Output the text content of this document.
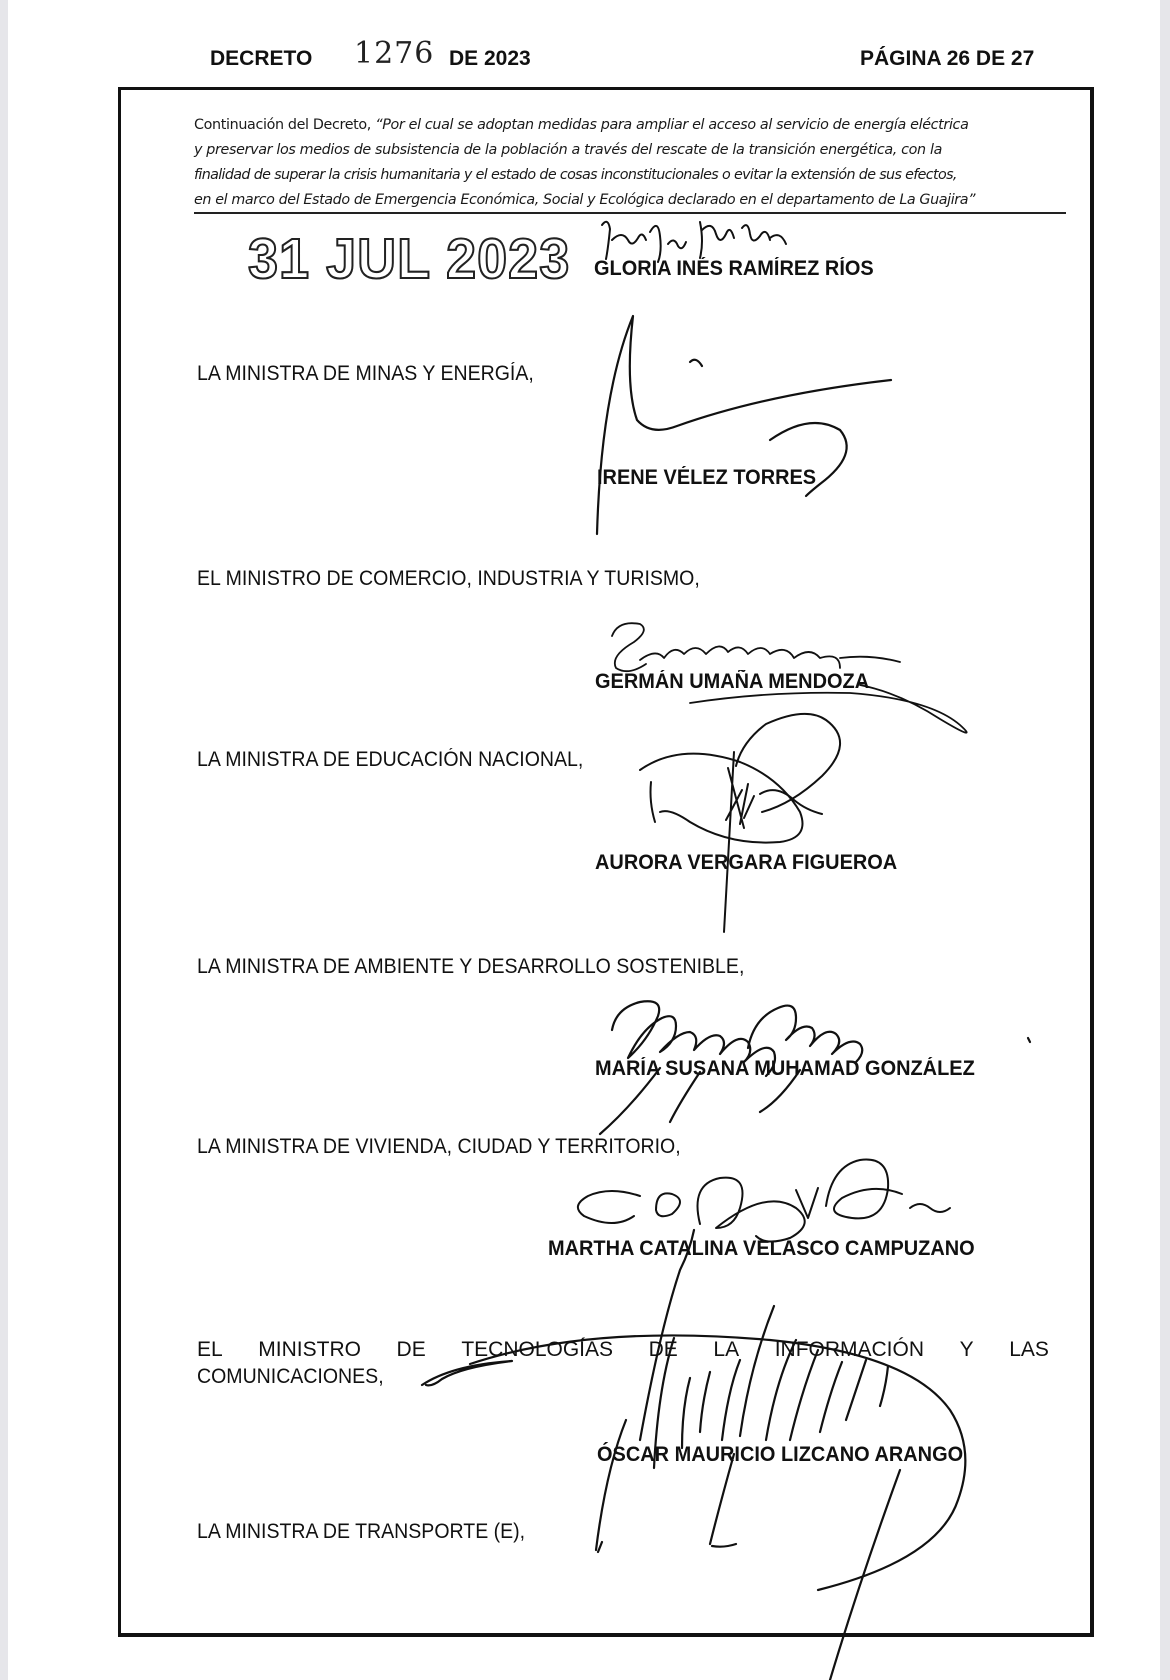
DECRETO 1276 DE 2023	PÁGINA 26 DE 27
Continuación del Decreto, “Por el cual se adoptan medidas para ampliar el acceso al servicio de energía eléctrica
y preservar los medios de subsistencia de la población a través del rescate de la transición energética, con la
finalidad de superar la crisis humanitaria y el estado de cosas inconstitucionales o evitar la extensión de sus efectos,
en el marco del Estado de Emergencia Económica, Social y Ecológica declarado en el departamento de La Guajira”
31 JUL 2023 GLORIA INÉS RAMÍREZ RÍOS
LA MINISTRA DE MINAS Y ENERGÍA,
IRENE VÉLEZ TORRES
EL MINISTRO DE COMERCIO, INDUSTRIA Y TURISMO,
GERMÁN UMAÑA MENDOZA
LA MINISTRA DE EDUCACIÓN NACIONAL,
AURORA VERGARA FIGUEROA
LA MINISTRA DE AMBIENTE Y DESARROLLO SOSTENIBLE,
MARÍA SUSANA MUHAMAD GONZÁLEZ
LA MINISTRA DE VIVIENDA, CIUDAD Y TERRITORIO,
MARTHA CATALINA VELÁSCO CAMPUZANO
EL MINISTRO DE TECNOLOGÍAS DE LA INFORMACIÓN Y LAS
COMUNICACIONES,
ÓSCAR MAURICIO LIZCANO ARANGO
LA MINISTRA DE TRANSPORTE (E),
